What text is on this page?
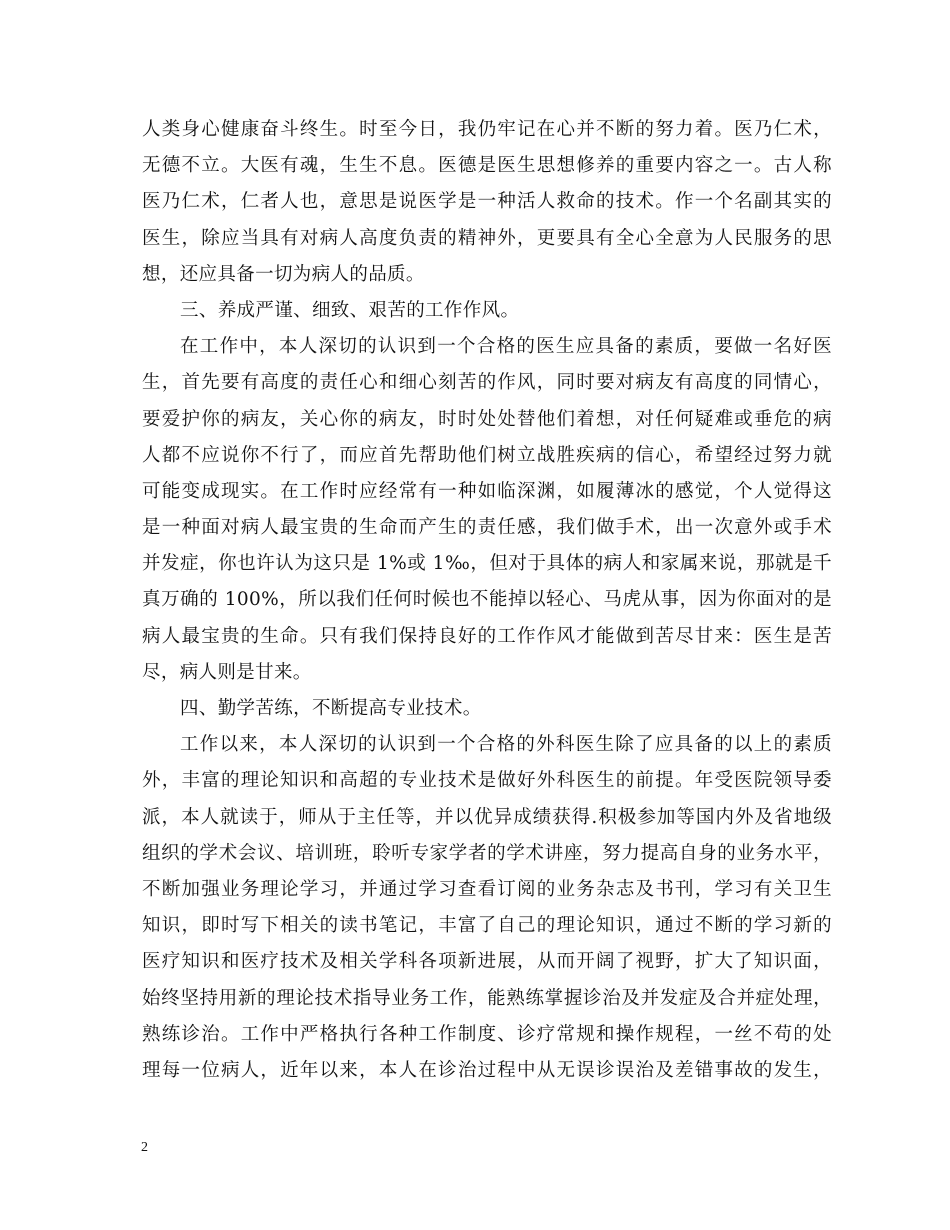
人类身心健康奋斗终生。时至今日，我仍牢记在心并不断的努力着。医乃仁术，
无德不立。大医有魂，生生不息。医德是医生思想修养的重要内容之一。古人称
医乃仁术，仁者人也，意思是说医学是一种活人救命的技术。作一个名副其实的
医生，除应当具有对病人高度负责的精神外，更要具有全心全意为人民服务的思
想，还应具备一切为病人的品质。
三、养成严谨、细致、艰苦的工作作风。
在工作中，本人深切的认识到一个合格的医生应具备的素质，要做一名好医
生，首先要有高度的责任心和细心刻苦的作风，同时要对病友有高度的同情心，
要爱护你的病友，关心你的病友，时时处处替他们着想，对任何疑难或垂危的病
人都不应说你不行了，而应首先帮助他们树立战胜疾病的信心，希望经过努力就
可能变成现实。在工作时应经常有一种如临深渊，如履薄冰的感觉，个人觉得这
是一种面对病人最宝贵的生命而产生的责任感，我们做手术，出一次意外或手术
并发症，你也许认为这只是 1%或 1‰，但对于具体的病人和家属来说，那就是千
真万确的 100%，所以我们任何时候也不能掉以轻心、马虎从事，因为你面对的是
病人最宝贵的生命。只有我们保持良好的工作作风才能做到苦尽甘来：医生是苦
尽，病人则是甘来。
四、勤学苦练，不断提高专业技术。
工作以来，本人深切的认识到一个合格的外科医生除了应具备的以上的素质
外，丰富的理论知识和高超的专业技术是做好外科医生的前提。年受医院领导委
派，本人就读于，师从于主任等，并以优异成绩获得.积极参加等国内外及省地级
组织的学术会议、培训班，聆听专家学者的学术讲座，努力提高自身的业务水平，
不断加强业务理论学习，并通过学习查看订阅的业务杂志及书刊，学习有关卫生
知识，即时写下相关的读书笔记，丰富了自己的理论知识，通过不断的学习新的
医疗知识和医疗技术及相关学科各项新进展，从而开阔了视野，扩大了知识面，
始终坚持用新的理论技术指导业务工作，能熟练掌握诊治及并发症及合并症处理，
熟练诊治。工作中严格执行各种工作制度、诊疗常规和操作规程，一丝不苟的处
理每一位病人，近年以来，本人在诊治过程中从无误诊误治及差错事故的发生，
2
